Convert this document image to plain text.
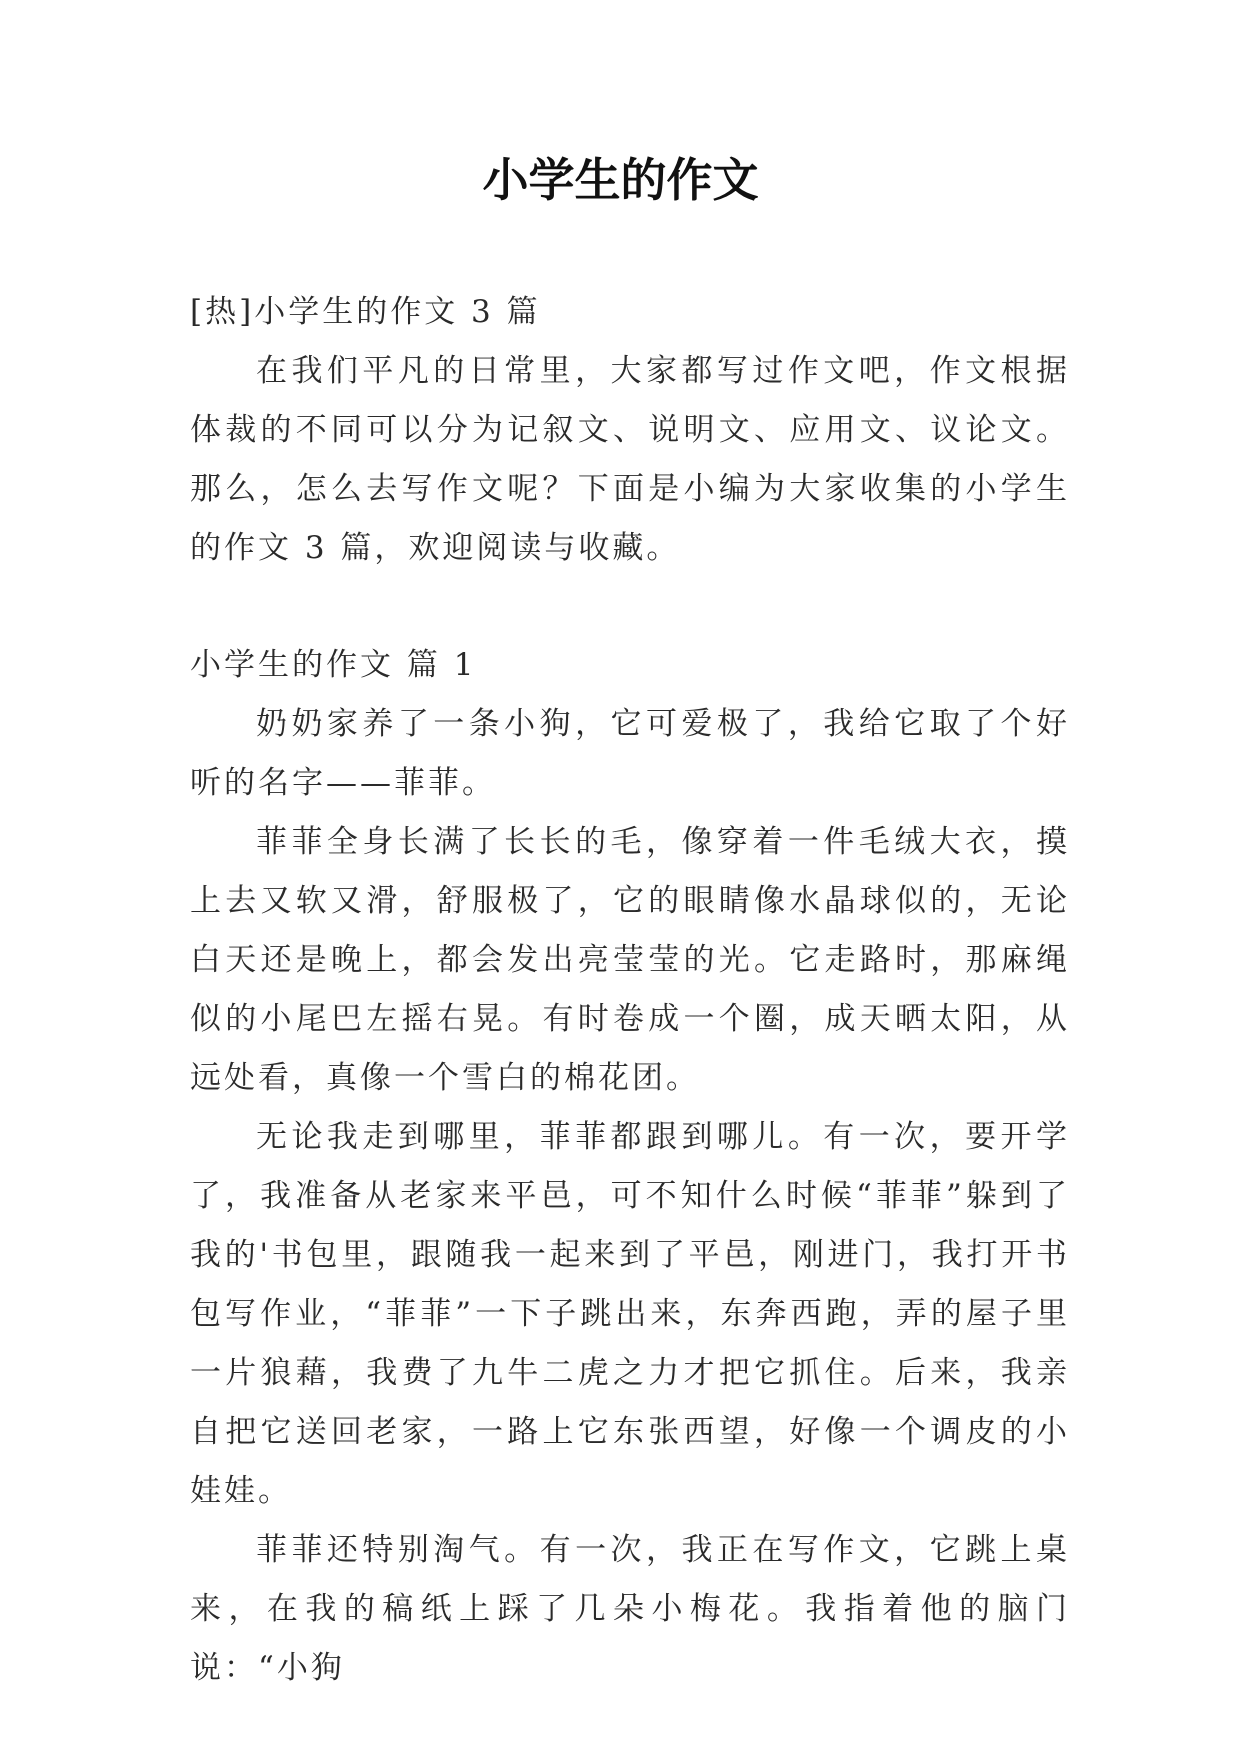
小学生的作文

[热]小学生的作文 3 篇

在我们平凡的日常里，大家都写过作文吧，作文根据体裁的不同可以分为记叙文、说明文、应用文、议论文。那么，怎么去写作文呢？下面是小编为大家收集的小学生的作文 3 篇，欢迎阅读与收藏。

小学生的作文 篇 1

奶奶家养了一条小狗，它可爱极了，我给它取了个好听的名字——菲菲。

菲菲全身长满了长长的毛，像穿着一件毛绒大衣，摸上去又软又滑，舒服极了，它的眼睛像水晶球似的，无论白天还是晚上，都会发出亮莹莹的光。它走路时，那麻绳似的小尾巴左摇右晃。有时卷成一个圈，成天晒太阳，从远处看，真像一个雪白的棉花团。

无论我走到哪里，菲菲都跟到哪儿。有一次，要开学了，我准备从老家来平邑，可不知什么时候“菲菲”躲到了我的'书包里，跟随我一起来到了平邑，刚进门，我打开书包写作业，“菲菲”一下子跳出来，东奔西跑，弄的屋子里一片狼藉，我费了九牛二虎之力才把它抓住。后来，我亲自把它送回老家，一路上它东张西望，好像一个调皮的小娃娃。

菲菲还特别淘气。有一次，我正在写作文，它跳上桌来，在我的稿纸上踩了几朵小梅花。我指着他的脑门说：“小狗
